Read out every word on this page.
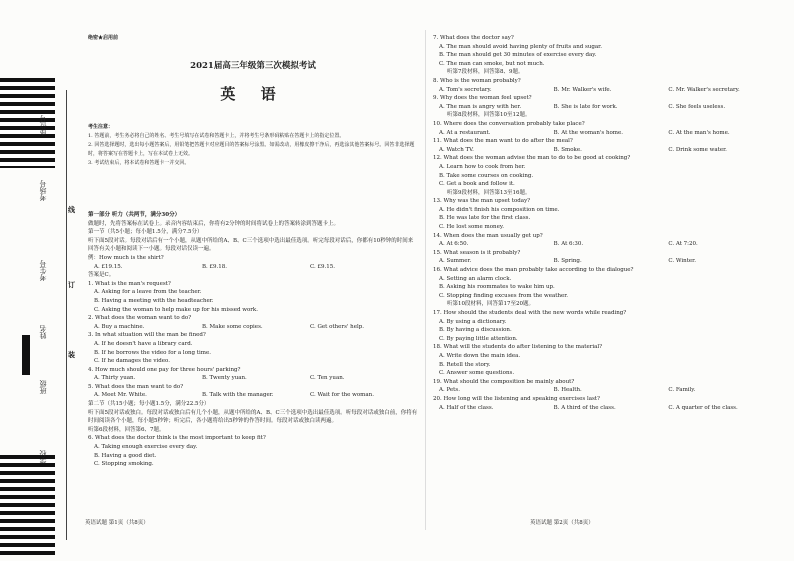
座位号
考场号
考生号
姓名
班级
学校
线
订
装
绝密★启用前
2021届高三年级第三次模拟考试
英 语
考生注意：
1. 答题前，考生务必将自己的姓名、考生号填写在试卷和答题卡上，并将考生号条形码粘贴在答题卡上的指定位置。
2. 回答选择题时，选出每小题答案后，用铅笔把答题卡对应题目的答案标号涂黑。如需改动，用橡皮擦干净后，再选涂其他答案标号。回答非选择题时，将答案写在答题卡上，写在本试卷上无效。
3. 考试结束后，将本试卷和答题卡一并交回。
第一部分 听力（共两节，满分30分）
做题时，先将答案标在试卷上。录音内容结束后，你将有2分钟的时间将试卷上的答案转涂到答题卡上。
第一节（共5小题；每小题1.5分，满分7.5分）
听下面5段对话。每段对话后有一个小题，从题中所给的A、B、C三个选项中选出最佳选项。听完每段对话后，你都有10秒钟的时间来回答有关小题和阅读下一小题。每段对话仅读一遍。
例：How much is the shirt?
A. £19.15.	B. £9.18.	C. £9.15.
答案是C。
1. What is the man's request?
A. Asking for a leave from the teacher.
B. Having a meeting with the headteacher.
C. Asking the woman to help make up for his missed work.
2. What does the woman want to do?
A. Buy a machine.	B. Make some copies.	C. Get others' help.
3. In what situation will the man be fined?
A. If he doesn't have a library card.
B. If he borrows the video for a long time.
C. If he damages the video.
4. How much should one pay for three hours' parking?
A. Thirty yuan.	B. Twenty yuan.	C. Ten yuan.
5. What does the man want to do?
A. Meet Mr. White.	B. Talk with the manager.	C. Wait for the woman.
第二节（共15小题；每小题1.5分，满分22.5分）
听下面5段对话或独白。每段对话或独白后有几个小题，从题中所给的A、B、C三个选项中选出最佳选项。听每段对话或独白前，你将有时间阅读各个小题，每小题5秒钟；听完后，各小题将给出5秒钟的作答时间。每段对话或独白读两遍。
听第6段材料，回答第6、7题。
6. What does the doctor think is the most important to keep fit?
A. Taking enough exercise every day.
B. Having a good diet.
C. Stopping smoking.
7. What does the doctor say?
A. The man should avoid having plenty of fruits and sugar.
B. The man should get 30 minutes of exercise every day.
C. The man can smoke, but not much.
听第7段材料，回答第8、9题。
8. Who is the woman probably?
A. Tom's secretary.	B. Mr. Walker's wife.	C. Mr. Walker's secretary.
9. Why does the woman feel upset?
A. The man is angry with her.	B. She is late for work.	C. She feels useless.
听第8段材料，回答第10至12题。
10. Where does the conversation probably take place?
A. At a restaurant.	B. At the woman's home.	C. At the man's home.
11. What does the man want to do after the meal?
A. Watch TV.	B. Smoke.	C. Drink some water.
12. What does the woman advise the man to do to be good at cooking?
A. Learn how to cook from her.
B. Take some courses on cooking.
C. Get a book and follow it.
听第9段材料，回答第13至16题。
13. Why was the man upset today?
A. He didn't finish his composition on time.
B. He was late for the first class.
C. He lost some money.
14. When does the man usually get up?
A. At 6:50.	B. At 6:30.	C. At 7:20.
15. What season is it probably?
A. Summer.	B. Spring.	C. Winter.
16. What advice does the man probably take according to the dialogue?
A. Setting an alarm clock.
B. Asking his roommates to wake him up.
C. Stopping finding excuses from the weather.
听第10段材料，回答第17至20题。
17. How should the students deal with the new words while reading?
A. By using a dictionary.
B. By having a discussion.
C. By paying little attention.
18. What will the students do after listening to the material?
A. Write down the main idea.
B. Retell the story.
C. Answer some questions.
19. What should the composition be mainly about?
A. Pets.	B. Health.	C. Family.
20. How long will the listening and speaking exercises last?
A. Half of the class.	B. A third of the class.	C. A quarter of the class.
英语试题 第1页（共8页）	英语试题 第2页（共8页）
